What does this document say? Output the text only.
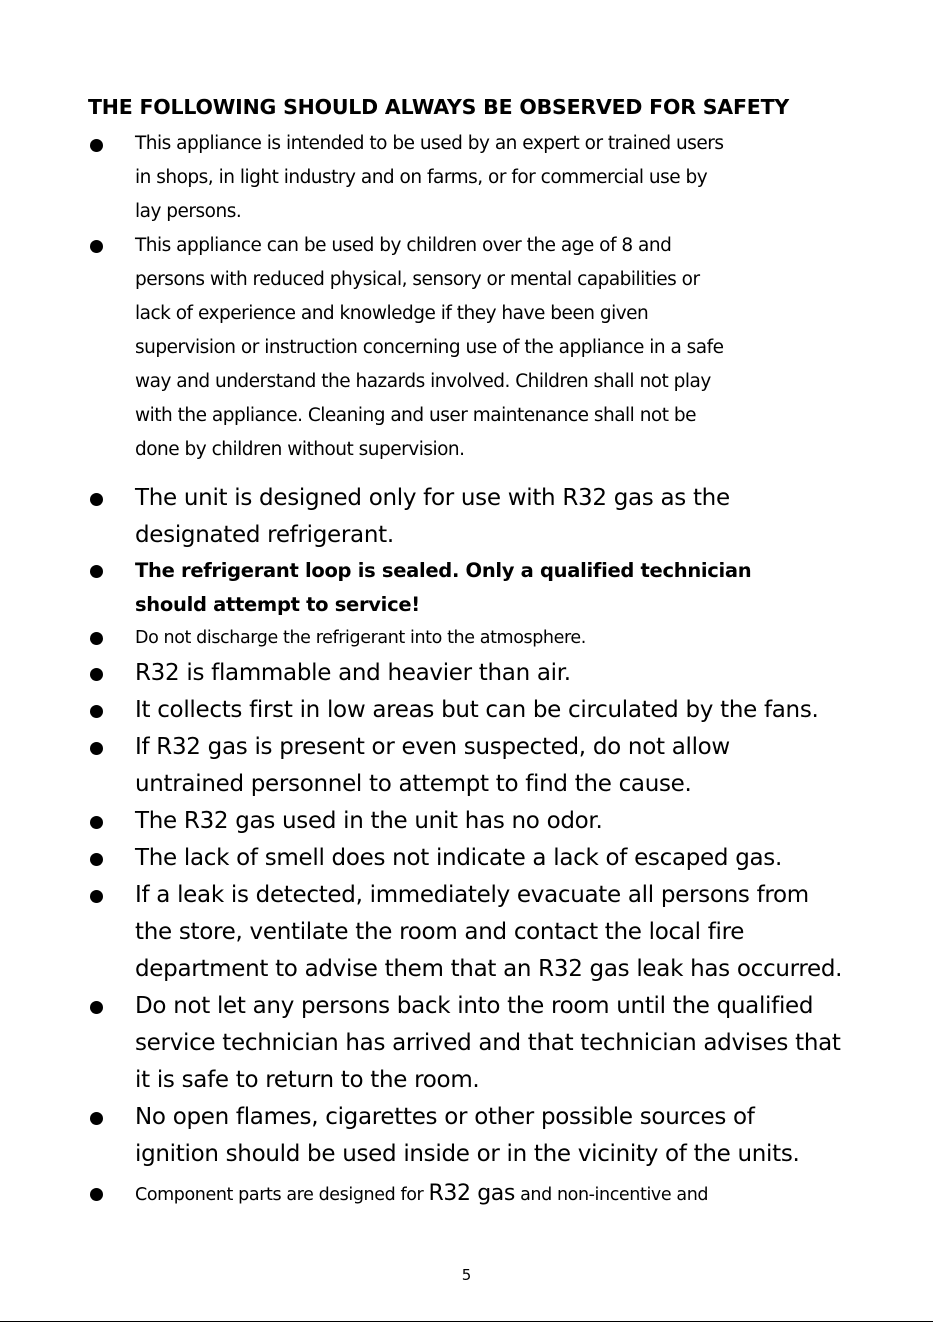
THE FOLLOWING SHOULD ALWAYS BE OBSERVED FOR SAFETY
This appliance is intended to be used by an expert or trained users
in shops, in light industry and on farms, or for commercial use by
lay persons.
This appliance can be used by children over the age of 8 and
persons with reduced physical, sensory or mental capabilities or
lack of experience and knowledge if they have been given
supervision or instruction concerning use of the appliance in a safe
way and understand the hazards involved. Children shall not play
with the appliance. Cleaning and user maintenance shall not be
done by children without supervision.
The unit is designed only for use with R32 gas as the
designated refrigerant.
The refrigerant loop is sealed. Only a qualified technician
should attempt to service!
Do not discharge the refrigerant into the atmosphere.
R32 is flammable and heavier than air.
It collects first in low areas but can be circulated by the fans.
If R32 gas is present or even suspected, do not allow
untrained personnel to attempt to find the cause.
The R32 gas used in the unit has no odor.
The lack of smell does not indicate a lack of escaped gas.
If a leak is detected, immediately evacuate all persons from
the store, ventilate the room and contact the local fire
department to advise them that an R32 gas leak has occurred.
Do not let any persons back into the room until the qualified
service technician has arrived and that technician advises that
it is safe to return to the room.
No open flames, cigarettes or other possible sources of
ignition should be used inside or in the vicinity of the units.
Component parts are designed for R32 gas and non-incentive and
5
